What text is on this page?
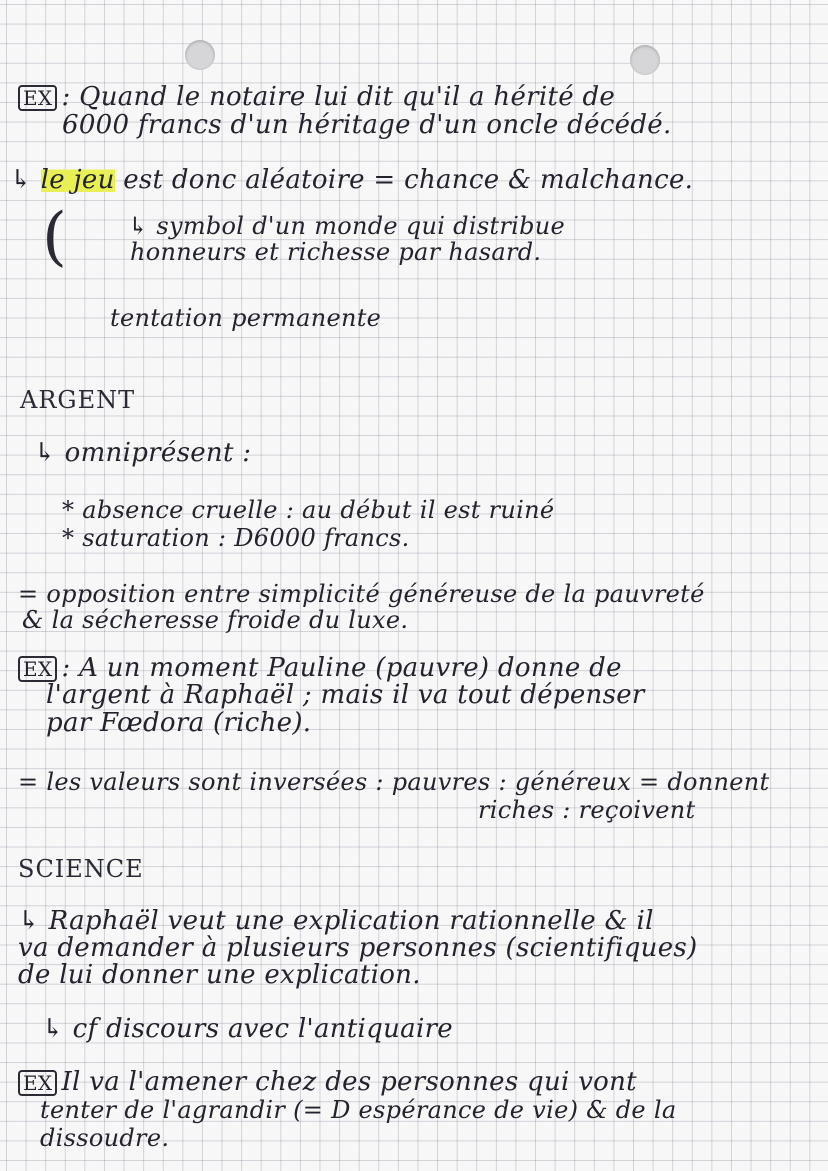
EX : Quand le notaire lui dit qu'il a hérité de
6000 francs d'un héritage d'un oncle décédé.
↳ le jeu est donc aléatoire = chance & malchance.
(	↳ symbol d'un monde qui distribue
honneurs et richesse par hasard.
tentation permanente
ARGENT
↳ omniprésent :
* absence cruelle : au début il est ruiné
* saturation : D6000 francs.
= opposition entre simplicité généreuse de la pauvreté
& la sécheresse froide du luxe.
EX : A un moment Pauline (pauvre) donne de
l'argent à Raphaël ; mais il va tout dépenser
par Fœdora (riche).
= les valeurs sont inversées : pauvres : généreux = donnent
riches : reçoivent
SCIENCE
↳ Raphaël veut une explication rationnelle & il
va demander à plusieurs personnes (scientifiques)
de lui donner une explication.
↳ cf discours avec l'antiquaire
EX Il va l'amener chez des personnes qui vont
tenter de l'agrandir (= D espérance de vie) & de la
dissoudre.
